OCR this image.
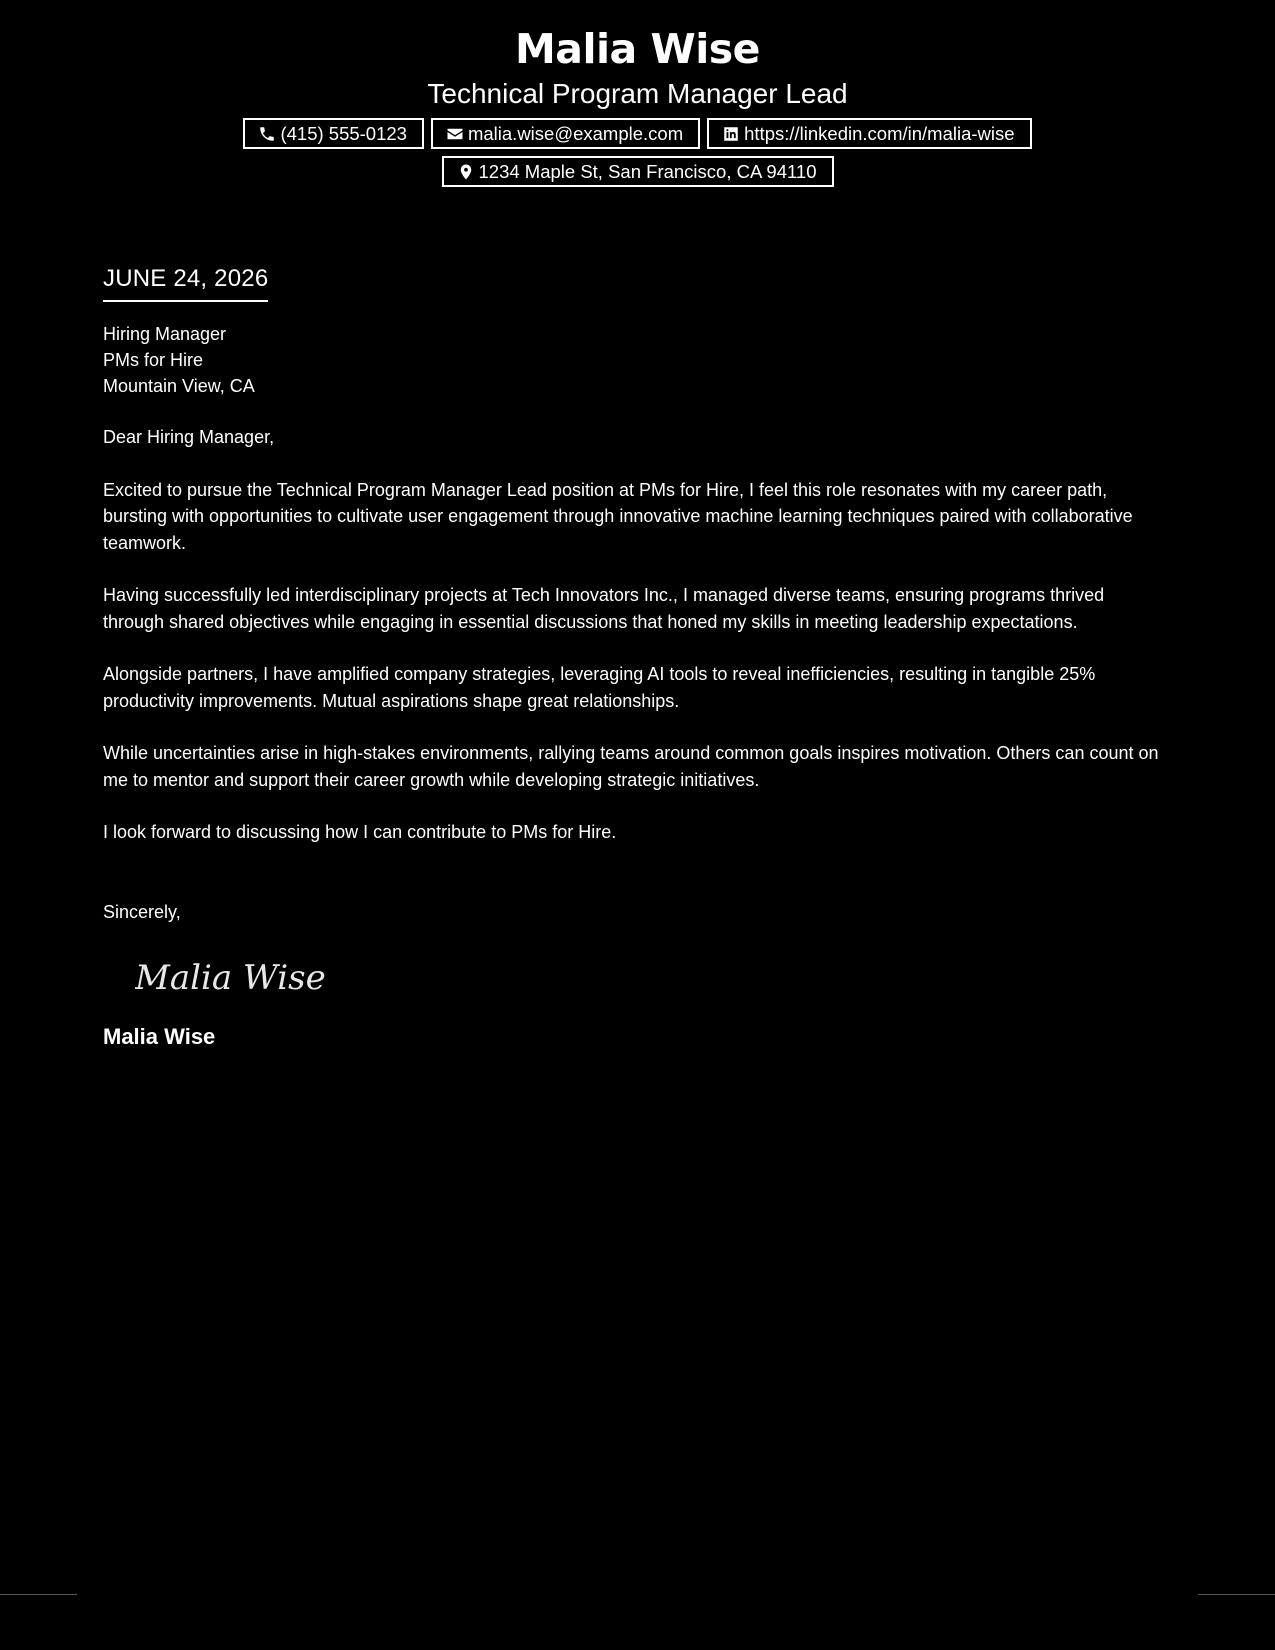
Malia Wise
Technical Program Manager Lead
(415) 555-0123	malia.wise@example.com	https://linkedin.com/in/malia-wise
1234 Maple St, San Francisco, CA 94110
JUNE 24, 2026
Hiring Manager
PMs for Hire
Mountain View, CA
Dear Hiring Manager,
Excited to pursue the Technical Program Manager Lead position at PMs for Hire, I feel this role resonates with my career path, bursting with opportunities to cultivate user engagement through innovative machine learning techniques paired with collaborative teamwork.
Having successfully led interdisciplinary projects at Tech Innovators Inc., I managed diverse teams, ensuring programs thrived through shared objectives while engaging in essential discussions that honed my skills in meeting leadership expectations.
Alongside partners, I have amplified company strategies, leveraging AI tools to reveal inefficiencies, resulting in tangible 25% productivity improvements. Mutual aspirations shape great relationships.
While uncertainties arise in high-stakes environments, rallying teams around common goals inspires motivation. Others can count on me to mentor and support their career growth while developing strategic initiatives.
I look forward to discussing how I can contribute to PMs for Hire.
Sincerely,
Malia Wise
Malia Wise
